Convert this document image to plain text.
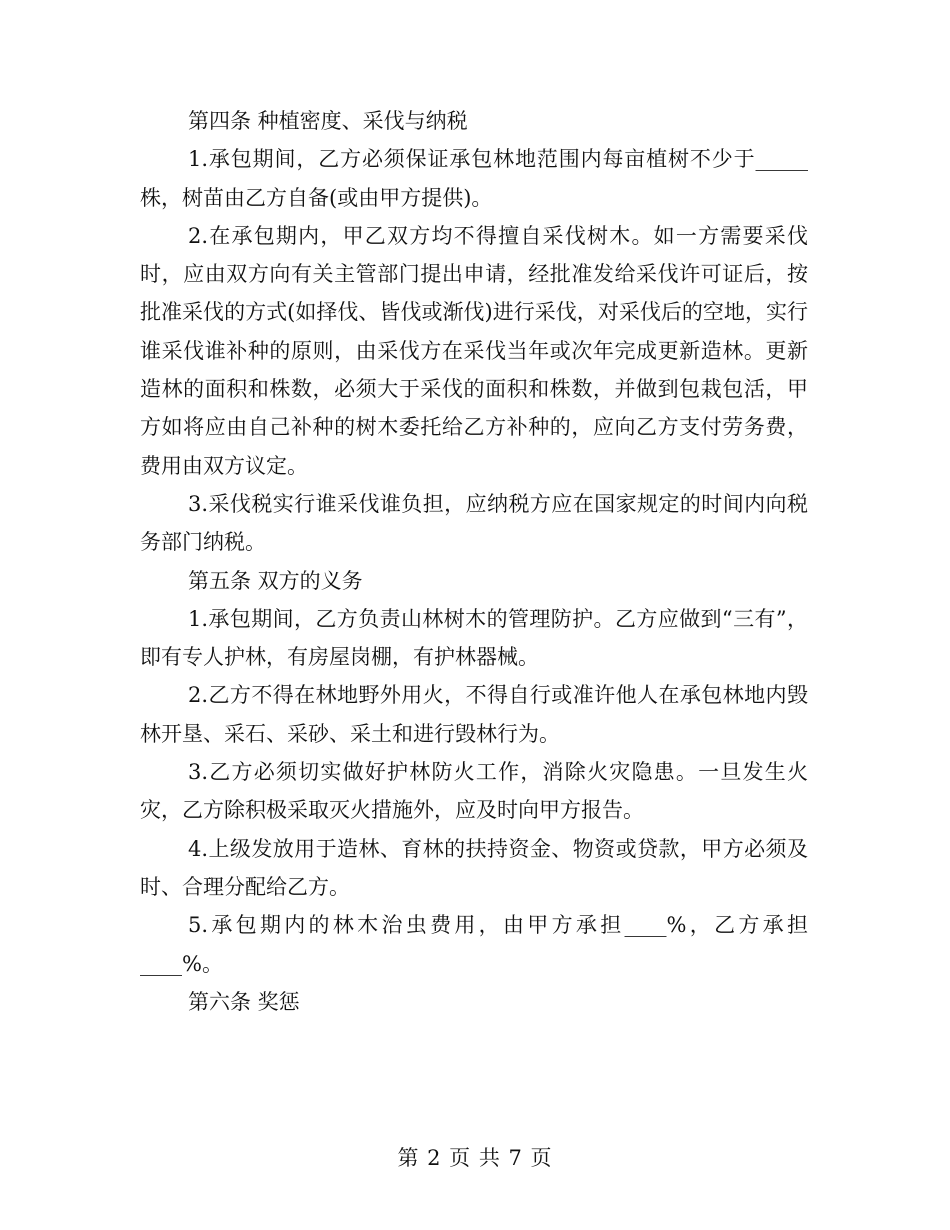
第四条 种植密度、采伐与纳税

1.承包期间，乙方必须保证承包林地范围内每亩植树不少于_____株，树苗由乙方自备(或由甲方提供)。

2.在承包期内，甲乙双方均不得擅自采伐树木。如一方需要采伐时，应由双方向有关主管部门提出申请，经批准发给采伐许可证后，按批准采伐的方式(如择伐、皆伐或渐伐)进行采伐，对采伐后的空地，实行谁采伐谁补种的原则，由采伐方在采伐当年或次年完成更新造林。更新造林的面积和株数，必须大于采伐的面积和株数，并做到包栽包活，甲方如将应由自己补种的树木委托给乙方补种的，应向乙方支付劳务费，费用由双方议定。

3.采伐税实行谁采伐谁负担，应纳税方应在国家规定的时间内向税务部门纳税。

第五条 双方的义务

1.承包期间，乙方负责山林树木的管理防护。乙方应做到“三有”，即有专人护林，有房屋岗棚，有护林器械。

2.乙方不得在林地野外用火，不得自行或准许他人在承包林地内毁林开垦、采石、采砂、采土和进行毁林行为。

3.乙方必须切实做好护林防火工作，消除火灾隐患。一旦发生火灾，乙方除积极采取灭火措施外，应及时向甲方报告。

4.上级发放用于造林、育林的扶持资金、物资或贷款，甲方必须及时、合理分配给乙方。

5.承包期内的林木治虫费用，由甲方承担____%，乙方承担____%。

第六条 奖惩

第 2 页 共 7 页
